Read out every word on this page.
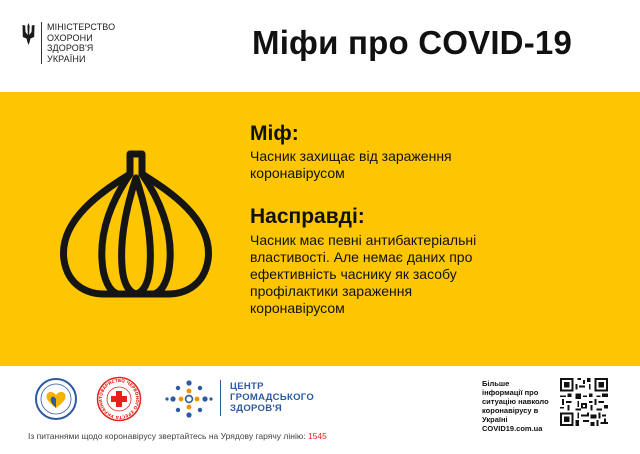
МІНІСТЕРСТВО
ОХОРОНИ
ЗДОРОВ'Я
УКРАЇНИ	Міфи про COVID-19
Міф:
Часник захищає від зараження
коронавірусом
Насправді:
Часник має певні антибактеріальні
властивості. Але немає даних про
ефективність часнику як засобу
профілактики зараження
коронавірусом
ТОВАРИСТВО ЧЕРВОНОГО ХРЕСТА УКРАЇНИ
ЦЕНТР
ГРОМАДСЬКОГО
ЗДОРОВ'Я
Більше
інформації про
ситуацію навколо
коронавірусу в
Україні
COVID19.com.ua
Із питаннями щодо коронавірусу звертайтесь на Урядову гарячу лінію: 1545
